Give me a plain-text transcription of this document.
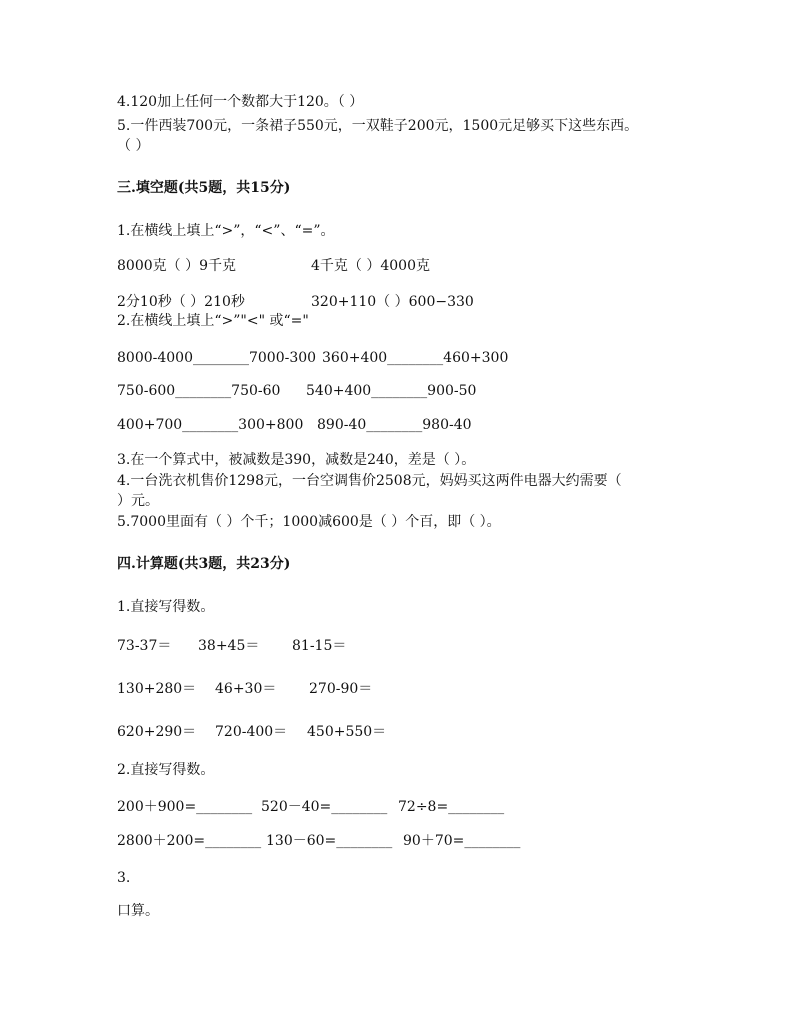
4.120加上任何一个数都大于120。（ ）
5.一件西装700元，一条裙子550元，一双鞋子200元，1500元足够买下这些东西。
（ ）
三.填空题(共5题，共15分)
1.在横线上填上“>”，“<”、“=”。
8000克（ ）9千克	4千克（ ）4000克
2分10秒（ ）210秒	320+110（ ）600−330
2.在横线上填上“>”"<" 或“="
8000-4000________7000-300 360+400________460+300
750-600________750-60 540+400________900-50
400+700________300+800 890-40________980-40
3.在一个算式中，被减数是390，减数是240，差是（ ）。
4.一台洗衣机售价1298元，一台空调售价2508元，妈妈买这两件电器大约需要（
）元。
5.7000里面有（ ）个千；1000减600是（ ）个百，即（ ）。
四.计算题(共3题，共23分)
1.直接写得数。
73-37＝ 38+45＝ 81-15＝
130+280＝ 46+30＝ 270-90＝
620+290＝ 720-400＝ 450+550＝
2.直接写得数。
200＋900=________ 520－40=________ 72÷8=________
2800＋200=________ 130－60=________ 90＋70=________
3.
口算。
